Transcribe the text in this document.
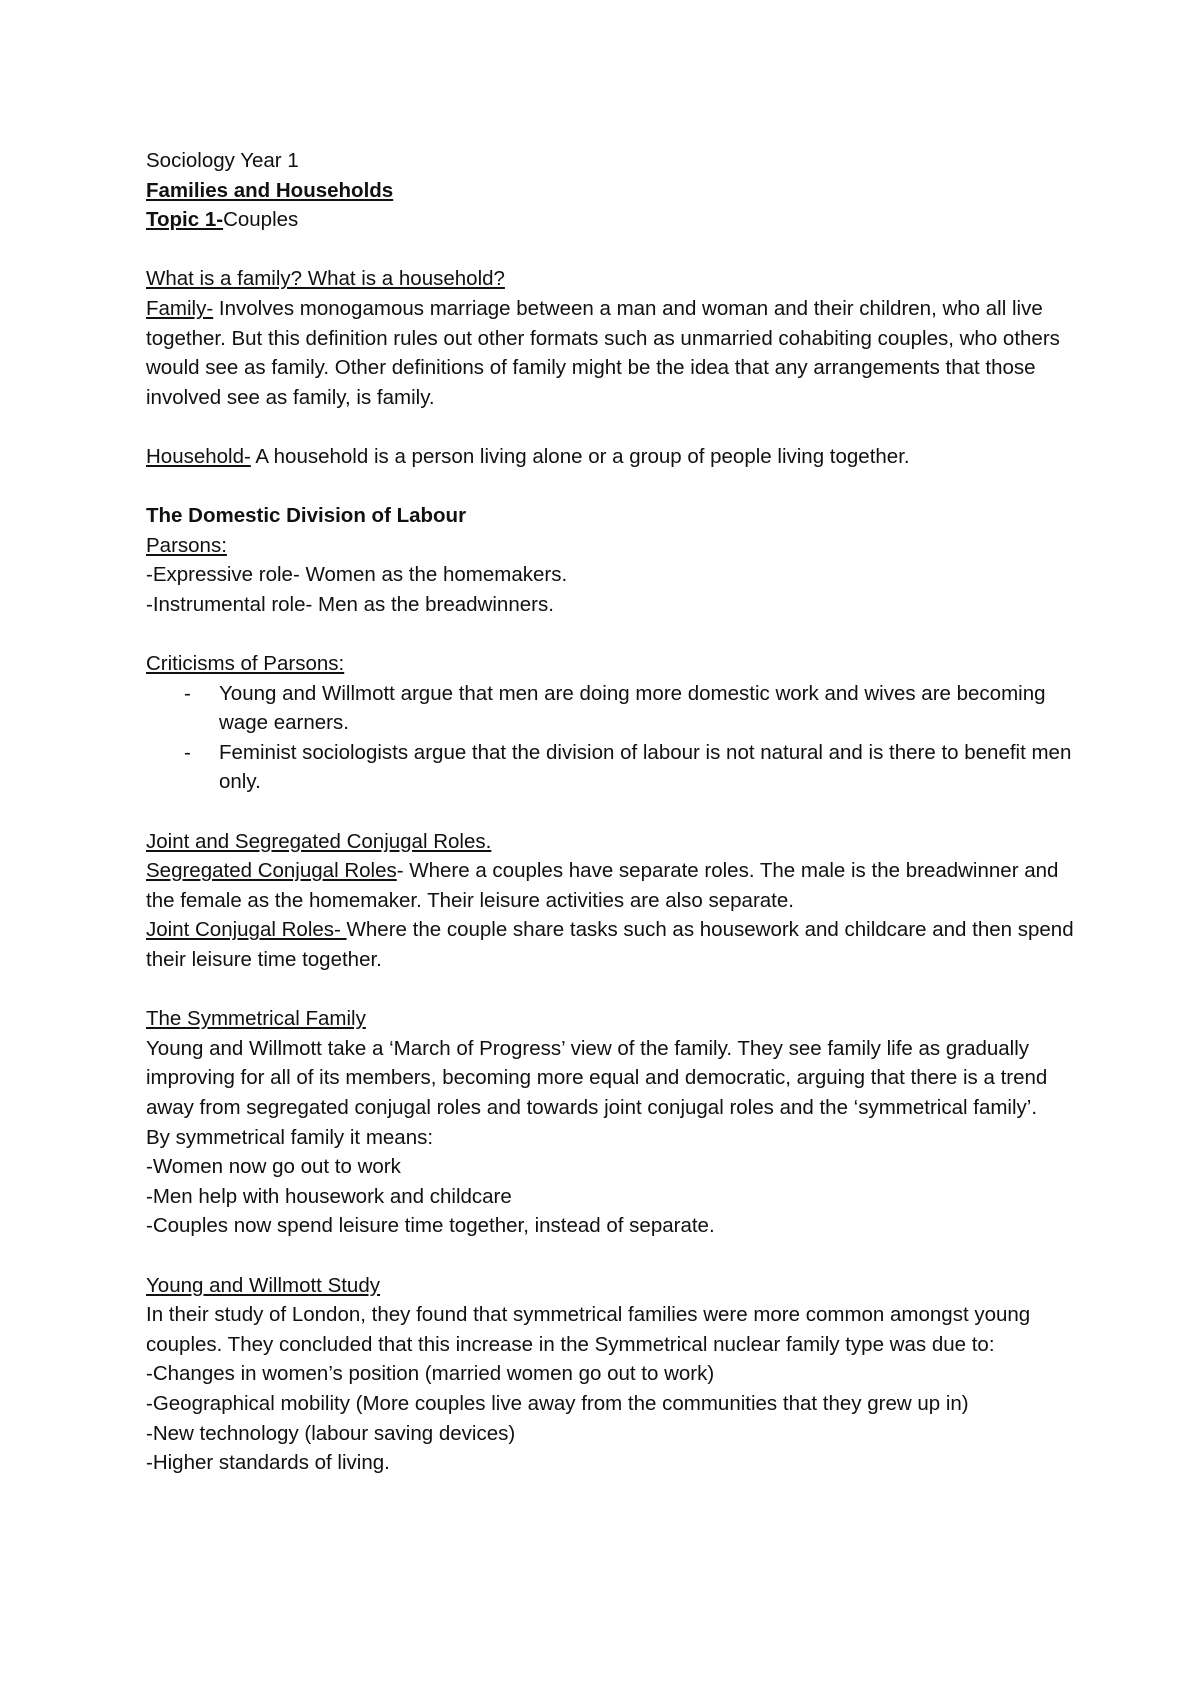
Sociology Year 1
Families and Households
Topic 1-Couples
What is a family? What is a household?

Family- Involves monogamous marriage between a man and woman and their children, who all live together. But this definition rules out other formats such as unmarried cohabiting couples, who others would see as family. Other definitions of family might be the idea that any arrangements that those involved see as family, is family.

Household- A household is a person living alone or a group of people living together.

The Domestic Division of Labour
Parsons:
-Expressive role- Women as the homemakers.
-Instrumental role- Men as the breadwinners.
Criticisms of Parsons:
- Young and Willmott argue that men are doing more domestic work and wives are becoming wage earners.
- Feminist sociologists argue that the division of labour is not natural and is there to benefit men only.
Joint and Segregated Conjugal Roles.

Segregated Conjugal Roles- Where a couples have separate roles. The male is the breadwinner and the female as the homemaker. Their leisure activities are also separate.

Joint Conjugal Roles- Where the couple share tasks such as housework and childcare and then spend their leisure time together.

The Symmetrical Family

Young and Willmott take a ‘March of Progress’ view of the family. They see family life as gradually improving for all of its members, becoming more equal and democratic, arguing that there is a trend away from segregated conjugal roles and towards joint conjugal roles and the ‘symmetrical family’.

By symmetrical family it means:
-Women now go out to work
-Men help with housework and childcare
-Couples now spend leisure time together, instead of separate.
Young and Willmott Study

In their study of London, they found that symmetrical families were more common amongst young couples. They concluded that this increase in the Symmetrical nuclear family type was due to:

-Changes in women’s position (married women go out to work)
-Geographical mobility (More couples live away from the communities that they grew up in)
-New technology (labour saving devices)
-Higher standards of living.
